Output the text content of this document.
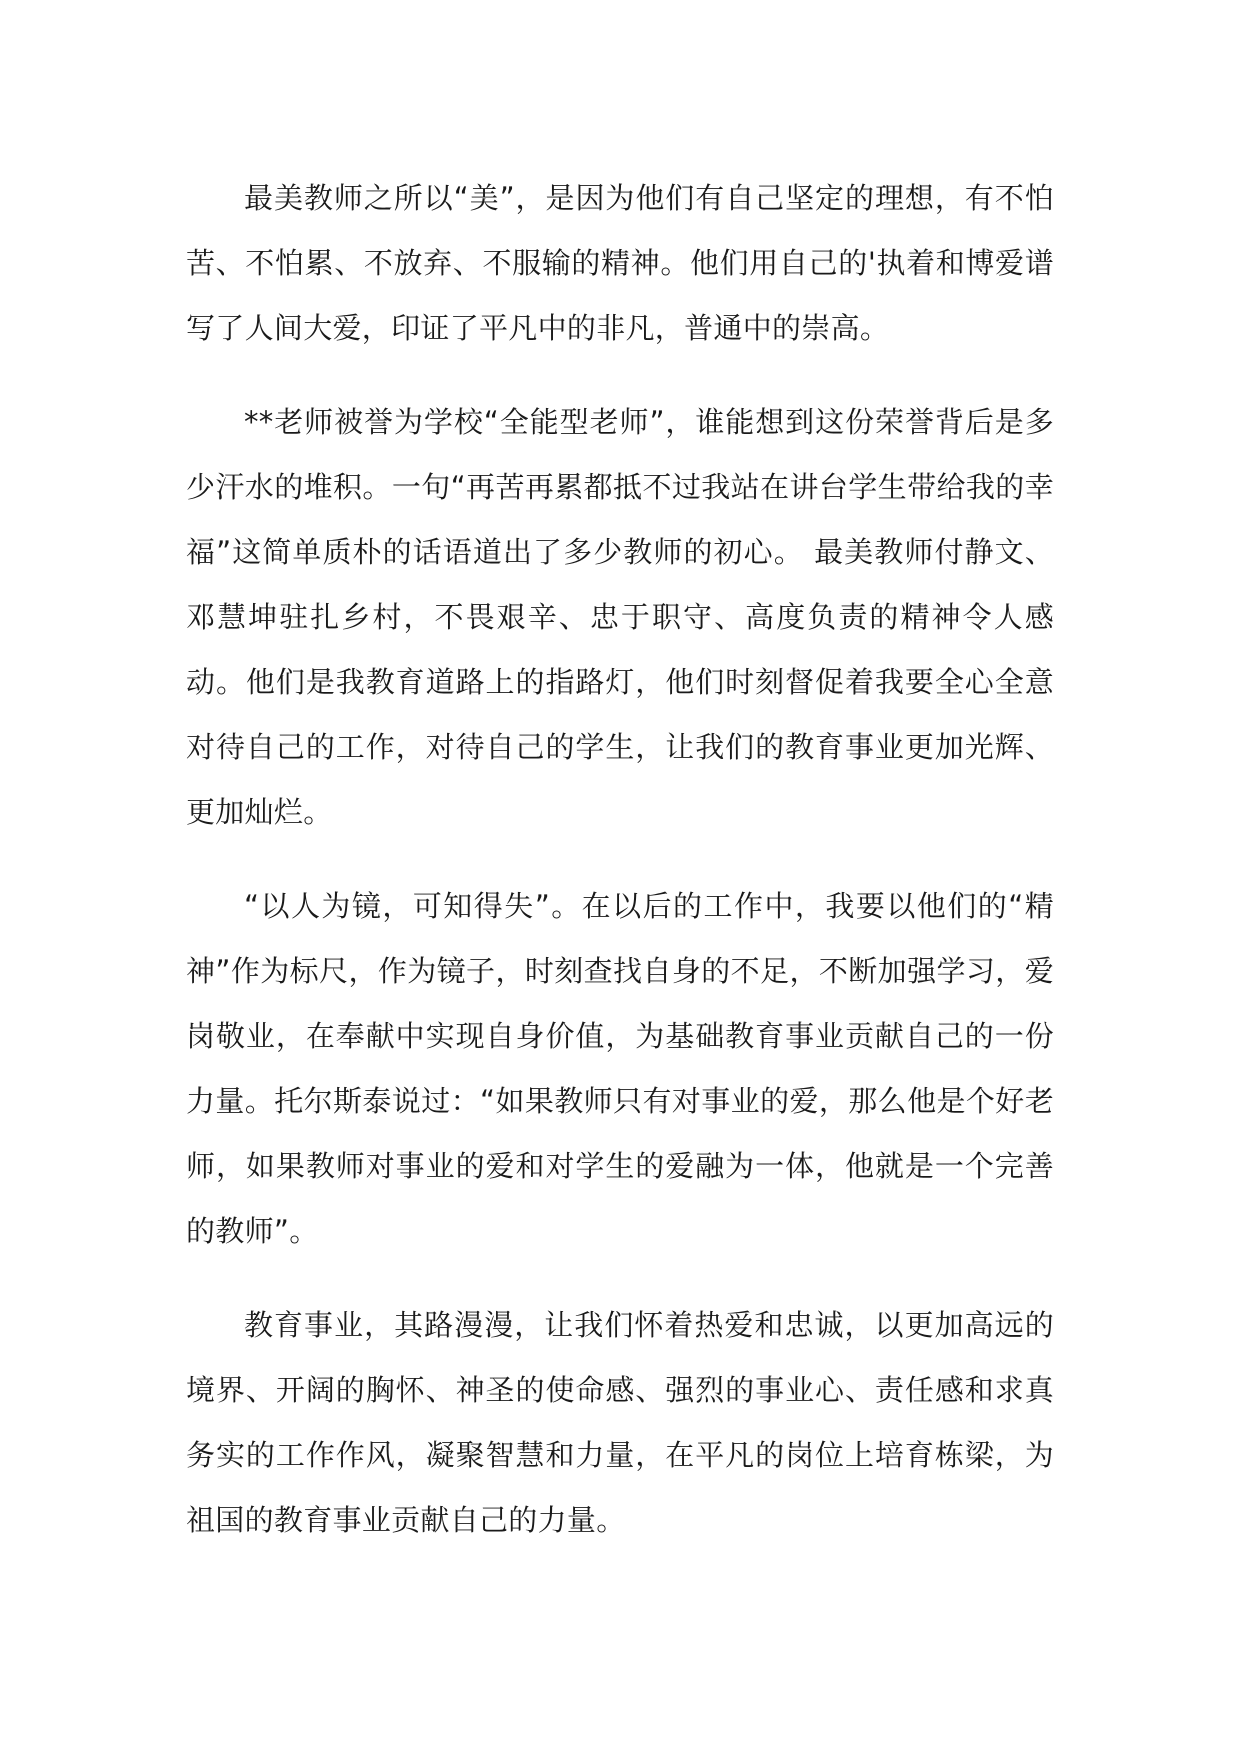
最美教师之所以“美”，是因为他们有自己坚定的理想，有不怕苦、不怕累、不放弃、不服输的精神。他们用自己的'执着和博爱谱写了人间大爱，印证了平凡中的非凡，普通中的崇高。

**老师被誉为学校“全能型老师”，谁能想到这份荣誉背后是多少汗水的堆积。一句“再苦再累都抵不过我站在讲台学生带给我的幸福”这简单质朴的话语道出了多少教师的初心。 最美教师付静文、邓慧坤驻扎乡村，不畏艰辛、忠于职守、高度负责的精神令人感动。他们是我教育道路上的指路灯，他们时刻督促着我要全心全意对待自己的工作，对待自己的学生，让我们的教育事业更加光辉、更加灿烂。

“以人为镜，可知得失”。在以后的工作中，我要以他们的“精神”作为标尺，作为镜子，时刻查找自身的不足，不断加强学习，爱岗敬业，在奉献中实现自身价值，为基础教育事业贡献自己的一份力量。托尔斯泰说过：“如果教师只有对事业的爱，那么他是个好老师，如果教师对事业的爱和对学生的爱融为一体，他就是一个完善的教师”。

教育事业，其路漫漫，让我们怀着热爱和忠诚，以更加高远的境界、开阔的胸怀、神圣的使命感、强烈的事业心、责任感和求真务实的工作作风，凝聚智慧和力量，在平凡的岗位上培育栋梁，为祖国的教育事业贡献自己的力量。
